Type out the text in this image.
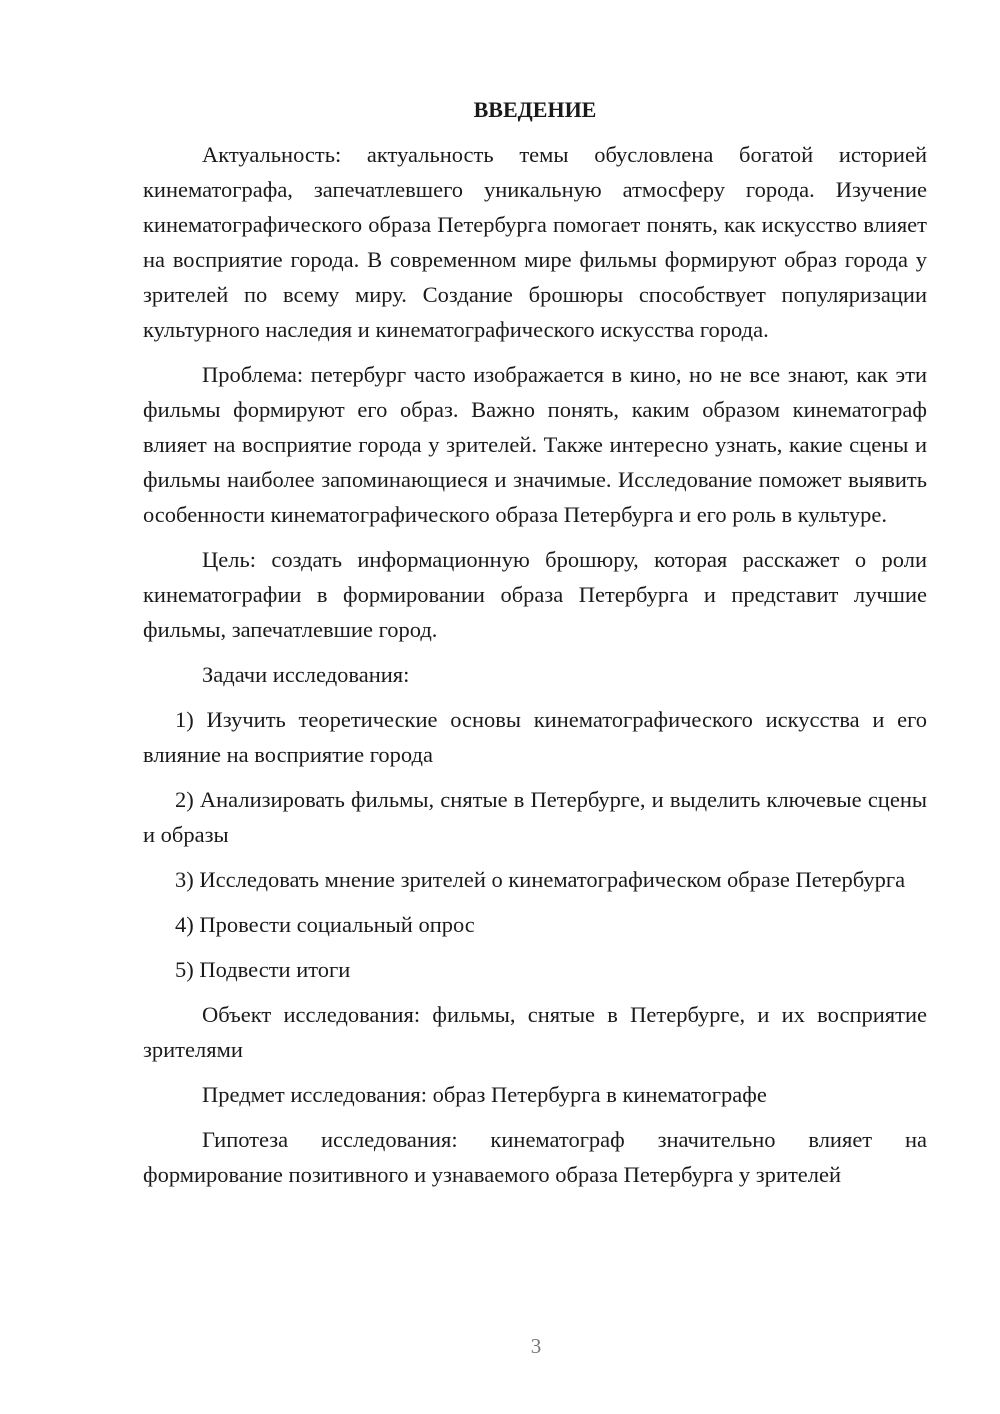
ВВЕДЕНИЕ

Актуальность: актуальность темы обусловлена богатой историей кинематографа, запечатлевшего уникальную атмосферу города. Изучение кинематографического образа Петербурга помогает понять, как искусство влияет на восприятие города. В современном мире фильмы формируют образ города у зрителей по всему миру. Создание брошюры способствует популяризации культурного наследия и кинематографического искусства города.

Проблема: петербург часто изображается в кино, но не все знают, как эти фильмы формируют его образ. Важно понять, каким образом кинематограф влияет на восприятие города у зрителей. Также интересно узнать, какие сцены и фильмы наиболее запоминающиеся и значимые. Исследование поможет выявить особенности кинематографического образа Петербурга и его роль в культуре.

Цель: создать информационную брошюру, которая расскажет о роли кинематографии в формировании образа Петербурга и представит лучшие фильмы, запечатлевшие город.

Задачи исследования:

1) Изучить теоретические основы кинематографического искусства и его влияние на восприятие города

2) Анализировать фильмы, снятые в Петербурге, и выделить ключевые сцены и образы

3) Исследовать мнение зрителей о кинематографическом образе Петербурга

4) Провести социальный опрос

5) Подвести итоги

Объект исследования: фильмы, снятые в Петербурге, и их восприятие зрителями

Предмет исследования: образ Петербурга в кинематографе

Гипотеза исследования: кинематограф значительно влияет на формирование позитивного и узнаваемого образа Петербурга у зрителей

3
